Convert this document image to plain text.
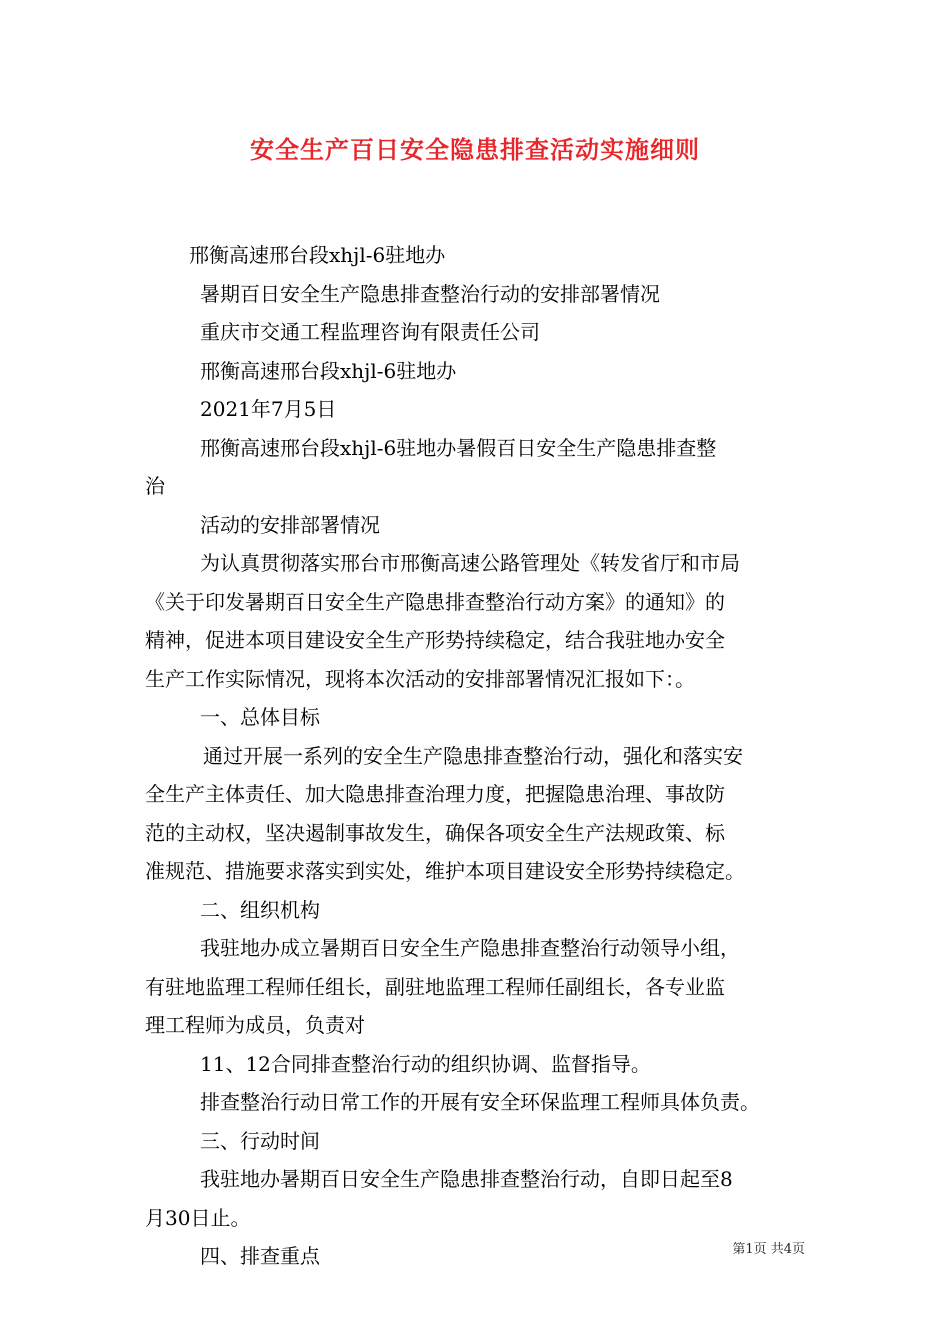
安全生产百日安全隐患排查活动实施细则

邢衡高速邢台段xhjl-6驻地办

暑期百日安全生产隐患排查整治行动的安排部署情况

重庆市交通工程监理咨询有限责任公司

邢衡高速邢台段xhjl-6驻地办

2021年7月5日

邢衡高速邢台段xhjl-6驻地办暑假百日安全生产隐患排查整

治

活动的安排部署情况

为认真贯彻落实邢台市邢衡高速公路管理处《转发省厅和市局

《关于印发暑期百日安全生产隐患排查整治行动方案》的通知》的

精神，促进本项目建设安全生产形势持续稳定，结合我驻地办安全

生产工作实际情况，现将本次活动的安排部署情况汇报如下：。

一、总体目标

通过开展一系列的安全生产隐患排查整治行动，强化和落实安

全生产主体责任、加大隐患排查治理力度，把握隐患治理、事故防

范的主动权，坚决遏制事故发生，确保各项安全生产法规政策、标

准规范、措施要求落实到实处，维护本项目建设安全形势持续稳定。

二、组织机构

我驻地办成立暑期百日安全生产隐患排查整治行动领导小组，

有驻地监理工程师任组长，副驻地监理工程师任副组长，各专业监

理工程师为成员，负责对

11、12合同排查整治行动的组织协调、监督指导。

排查整治行动日常工作的开展有安全环保监理工程师具体负责。

三、行动时间

我驻地办暑期百日安全生产隐患排查整治行动，自即日起至8

月30日止。

四、排查重点	第1页 共4页
